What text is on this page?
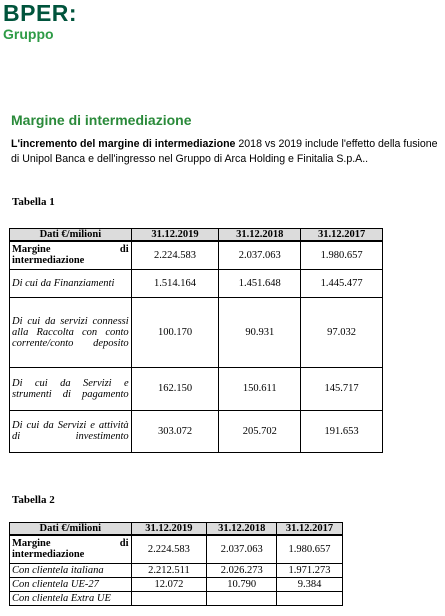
BPER:
Gruppo
Margine di intermediazione
L'incremento del margine di intermediazione 2018 vs 2019 include l'effetto della fusione di Unipol Banca e dell'ingresso nel Gruppo di Arca Holding e Finitalia S.p.A..
Tabella 1
Dati €/milioni	31.12.2019	31.12.2018	31.12.2017
Margine di intermediazione	2.224.583	2.037.063	1.980.657
Di cui da Finanziamenti	1.514.164	1.451.648	1.445.477
Di cui da servizi connessi alla Raccolta con conto corrente/conto deposito	100.170	90.931	97.032
Di cui da Servizi e strumenti di pagamento	162.150	150.611	145.717
Di cui da Servizi e attività di investimento	303.072	205.702	191.653
Tabella 2
Dati €/milioni	31.12.2019	31.12.2018	31.12.2017
Margine di intermediazione	2.224.583	2.037.063	1.980.657
Con clientela italiana	2.212.511	2.026.273	1.971.273
Con clientela UE-27	12.072	10.790	9.384
Con clientela Extra UE			
